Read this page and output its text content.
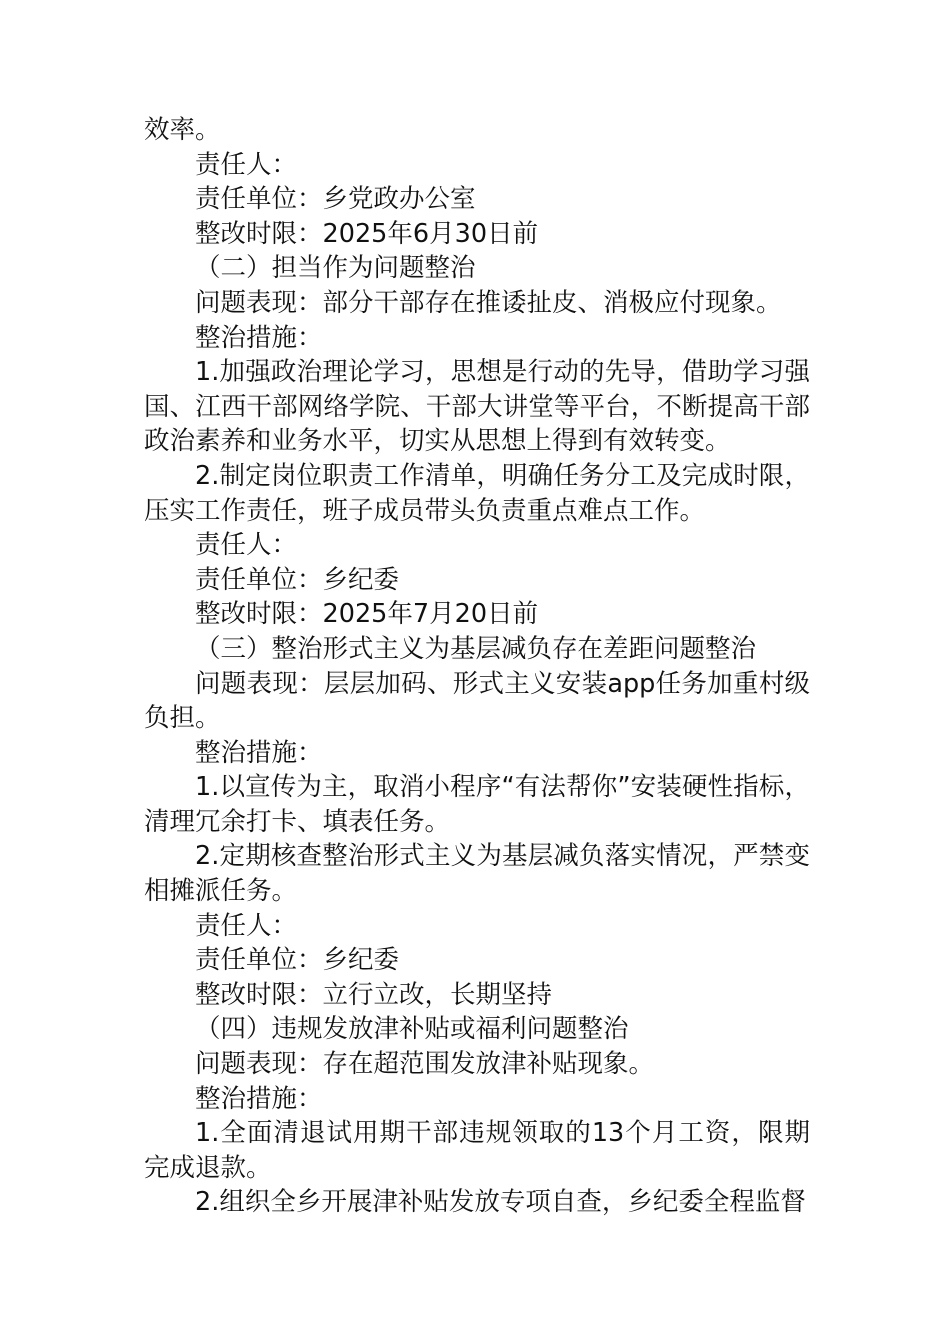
效率。

责任人：

责任单位：乡党政办公室

整改时限：2025年6月30日前

（二）担当作为问题整治

问题表现：部分干部存在推诿扯皮、消极应付现象。

整治措施：

1.加强政治理论学习，思想是行动的先导，借助学习强国、江西干部网络学院、干部大讲堂等平台，不断提高干部政治素养和业务水平，切实从思想上得到有效转变。

2.制定岗位职责工作清单，明确任务分工及完成时限，压实工作责任，班子成员带头负责重点难点工作。

责任人：

责任单位：乡纪委

整改时限：2025年7月20日前

（三）整治形式主义为基层减负存在差距问题整治

问题表现：层层加码、形式主义安装app任务加重村级负担。

整治措施：

1.以宣传为主，取消小程序“有法帮你”安装硬性指标，清理冗余打卡、填表任务。

2.定期核查整治形式主义为基层减负落实情况，严禁变相摊派任务。

责任人：

责任单位：乡纪委

整改时限：立行立改，长期坚持

（四）违规发放津补贴或福利问题整治

问题表现：存在超范围发放津补贴现象。

整治措施：

1.全面清退试用期干部违规领取的13个月工资，限期完成退款。

2.组织全乡开展津补贴发放专项自查，乡纪委全程监督
